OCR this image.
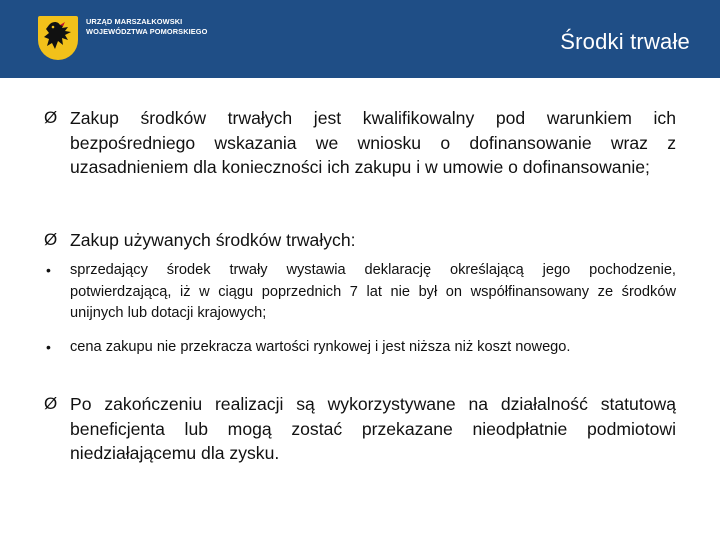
URZĄD MARSZAŁKOWSKI
WOJEWÓDZTWA POMORSKIEGO	Środki trwałe
Ø Zakup środków trwałych jest kwalifikowalny pod warunkiem ich bezpośredniego wskazania we wniosku o dofinansowanie wraz z uzasadnieniem dla konieczności ich zakupu i w umowie o dofinansowanie;
Ø Zakup używanych środków trwałych:
•	sprzedający środek trwały wystawia deklarację określającą jego pochodzenie, potwierdzającą, iż w ciągu poprzednich 7 lat nie był on współfinansowany ze środków unijnych lub dotacji krajowych;
•	cena zakupu nie przekracza wartości rynkowej i jest niższa niż koszt nowego.
Ø Po zakończeniu realizacji są wykorzystywane na działalność statutową beneficjenta lub mogą zostać przekazane nieodpłatnie podmiotowi niedziałającemu dla zysku.
